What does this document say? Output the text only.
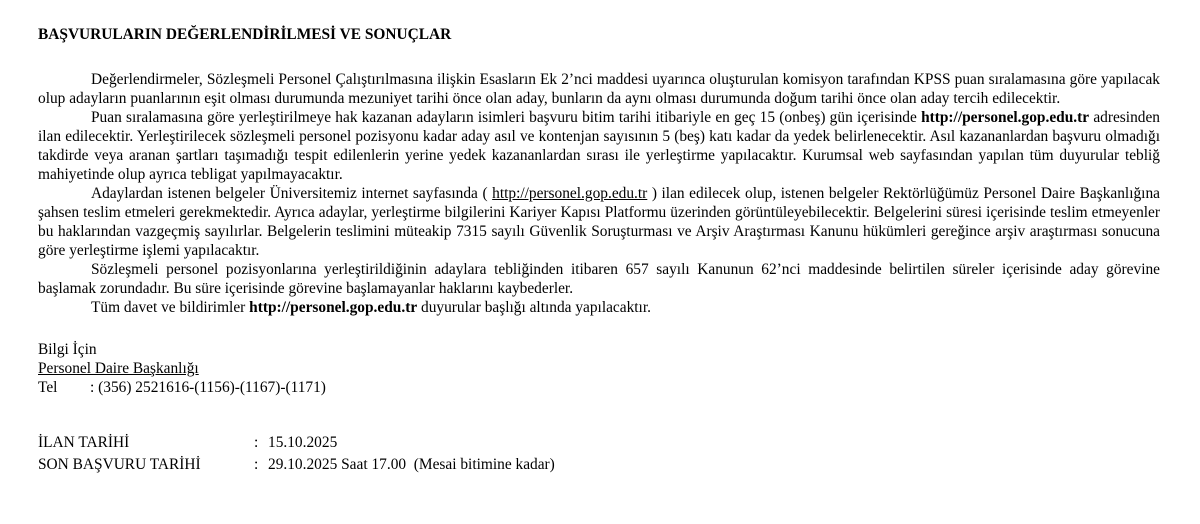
BAŞVURULARIN DEĞERLENDİRİLMESİ VE SONUÇLAR

Değerlendirmeler, Sözleşmeli Personel Çalıştırılmasına ilişkin Esasların Ek 2’nci maddesi uyarınca oluşturulan komisyon tarafından KPSS puan sıralamasına göre yapılacak olup adayların puanlarının eşit olması durumunda mezuniyet tarihi önce olan aday, bunların da aynı olması durumunda doğum tarihi önce olan aday tercih edilecektir.

Puan sıralamasına göre yerleştirilmeye hak kazanan adayların isimleri başvuru bitim tarihi itibariyle en geç 15 (onbeş) gün içerisinde http://personel.gop.edu.tr adresinden ilan edilecektir. Yerleştirilecek sözleşmeli personel pozisyonu kadar aday asıl ve kontenjan sayısının 5 (beş) katı kadar da yedek belirlenecektir. Asıl kazananlardan başvuru olmadığı takdirde veya aranan şartları taşımadığı tespit edilenlerin yerine yedek kazananlardan sırası ile yerleştirme yapılacaktır. Kurumsal web sayfasından yapılan tüm duyurular tebliğ mahiyetinde olup ayrıca tebligat yapılmayacaktır.

Adaylardan istenen belgeler Üniversitemiz internet sayfasında ( http://personel.gop.edu.tr ) ilan edilecek olup, istenen belgeler Rektörlüğümüz Personel Daire Başkanlığına şahsen teslim etmeleri gerekmektedir. Ayrıca adaylar, yerleştirme bilgilerini Kariyer Kapısı Platformu üzerinden görüntüleyebilecektir. Belgelerini süresi içerisinde teslim etmeyenler bu haklarından vazgeçmiş sayılırlar. Belgelerin teslimini müteakip 7315 sayılı Güvenlik Soruşturması ve Arşiv Araştırması Kanunu hükümleri gereğince arşiv araştırması sonucuna göre yerleştirme işlemi yapılacaktır.

Sözleşmeli personel pozisyonlarına yerleştirildiğinin adaylara tebliğinden itibaren 657 sayılı Kanunun 62’nci maddesinde belirtilen süreler içerisinde aday görevine başlamak zorundadır. Bu süre içerisinde görevine başlamayanlar haklarını kaybederler.

Tüm davet ve bildirimler http://personel.gop.edu.tr duyurular başlığı altında yapılacaktır.

Bilgi İçin
Personel Daire Başkanlığı
Tel	: (356) 2521616-(1156)-(1167)-(1171)
İLAN TARİHİ	: 15.10.2025
SON BAŞVURU TARİHİ	: 29.10.2025 Saat 17.00  (Mesai bitimine kadar)
